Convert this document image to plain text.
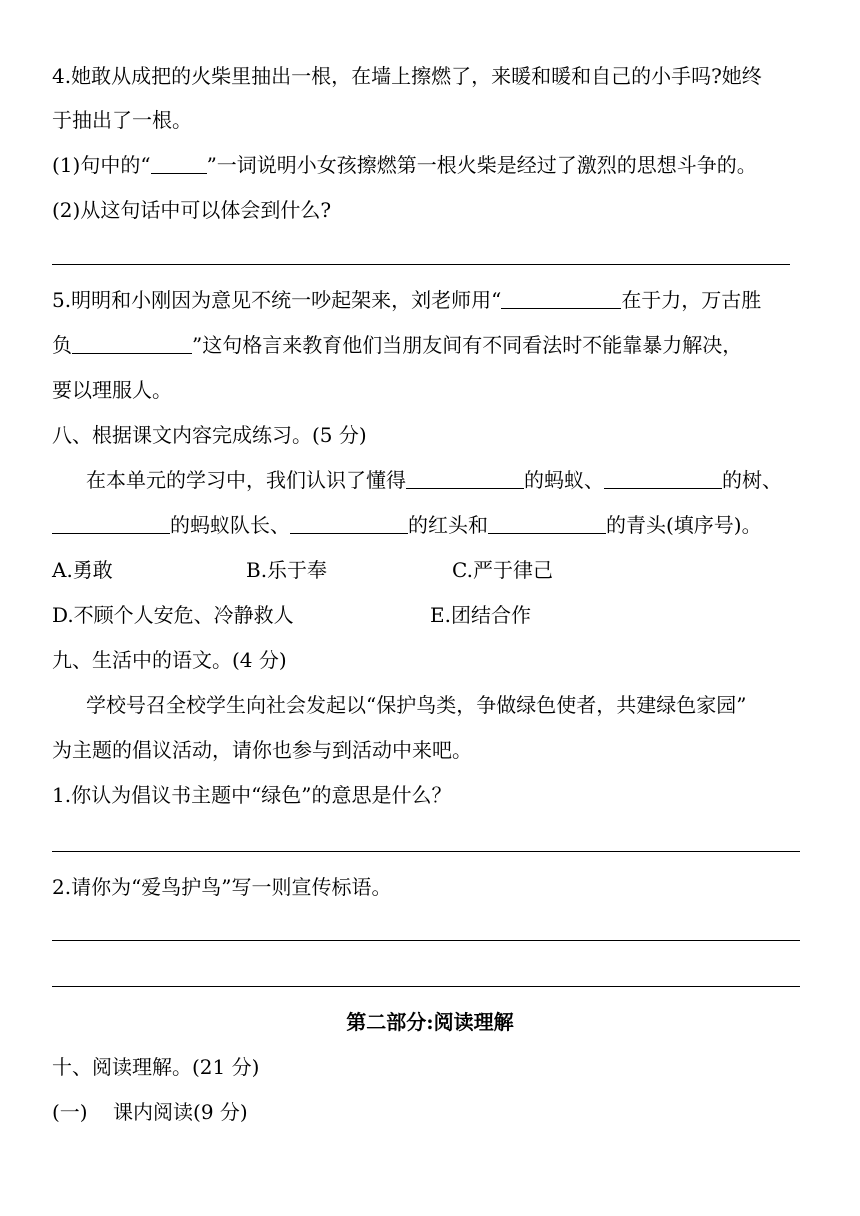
4.她敢从成把的火柴里抽出一根，在墙上擦燃了，来暖和暖和自己的小手吗?她终
于抽出了一根。
(1)句中的“	”一词说明小女孩擦燃第一根火柴是经过了激烈的思想斗争的。
(2)从这句话中可以体会到什么?
5.明明和小刚因为意见不统一吵起架来，刘老师用“	在于力，万古胜
负	”这句格言来教育他们当朋友间有不同看法时不能靠暴力解决，
要以理服人。
八、根据课文内容完成练习。(5 分)
在本单元的学习中，我们认识了懂得	的蚂蚁、	的树、
的蚂蚁队长、	的红头和	的青头(填序号)。
A.勇敢	B.乐于奉	C.严于律己
D.不顾个人安危、冷静救人	E.团结合作
九、生活中的语文。(4 分)
学校号召全校学生向社会发起以“保护鸟类，争做绿色使者，共建绿色家园”
为主题的倡议活动，请你也参与到活动中来吧。
1.你认为倡议书主题中“绿色”的意思是什么？
2.请你为“爱鸟护鸟”写一则宣传标语。
第二部分:阅读理解
十、阅读理解。(21 分)
(一)    课内阅读(9 分)
